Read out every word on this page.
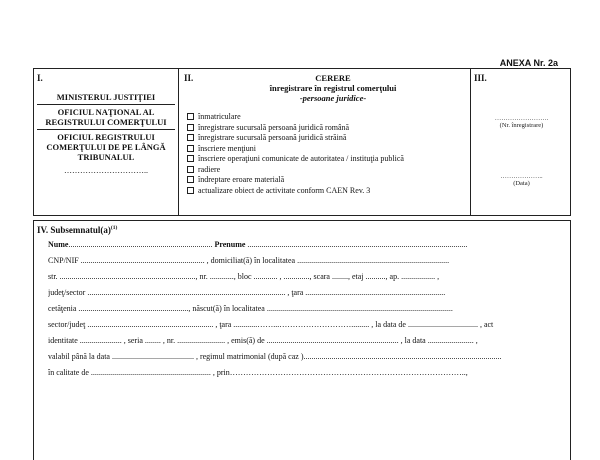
ANEXA Nr. 2a
I.
MINISTERUL JUSTIŢIEI
OFICIUL NAŢIONAL AL REGISTRULUI COMERŢULUI
OFICIUL REGISTRULUI COMERŢULUI DE PE LÂNGĂ TRIBUNALUL
…………………………..
II.	CERERE
înregistrare în registrul comerţului
-persoane juridice-
înmatriculare
înregistrare sucursală persoană juridică română
înregistrare sucursală persoană juridică străină
înscriere menţiuni
înscriere operaţiuni comunicate de autoritatea / instituţia publică
radiere
îndreptare eroare materială
actualizare obiect de activitate conform CAEN Rev. 3
III.
…………………….
(Nr. înregistrare)
………………..
(Data)
IV. $Subsemnatul(a)^{(1)}$
Nume........................................................................ Prenume ..............................................................................................................
CNP/NIF .............................................................. , domiciliat(ă) în localitatea ............................................................................
str. ...................................................................., nr. ............, bloc ............ , ............., scara ........, etaj .........., ap. ................. ,
judeţ/sector ................................................................................................... , ţara ......................................................................
cetăţenia ......................................................., născut(ă) în localitatea .............................................................................................
sector/judeţ ............................................................... , ţara ............……...………………………......... , la data de ................................... , act
identitate ..................... , seria ........ , nr. ........................ , emis(ă) de .................................................................. , la data ....................... ,
valabil până la data ......................................... , regimul matrimonial (după caz )...................................................................................................
în calitate de ............................................................ , prin……………………………………………………………………………..,
